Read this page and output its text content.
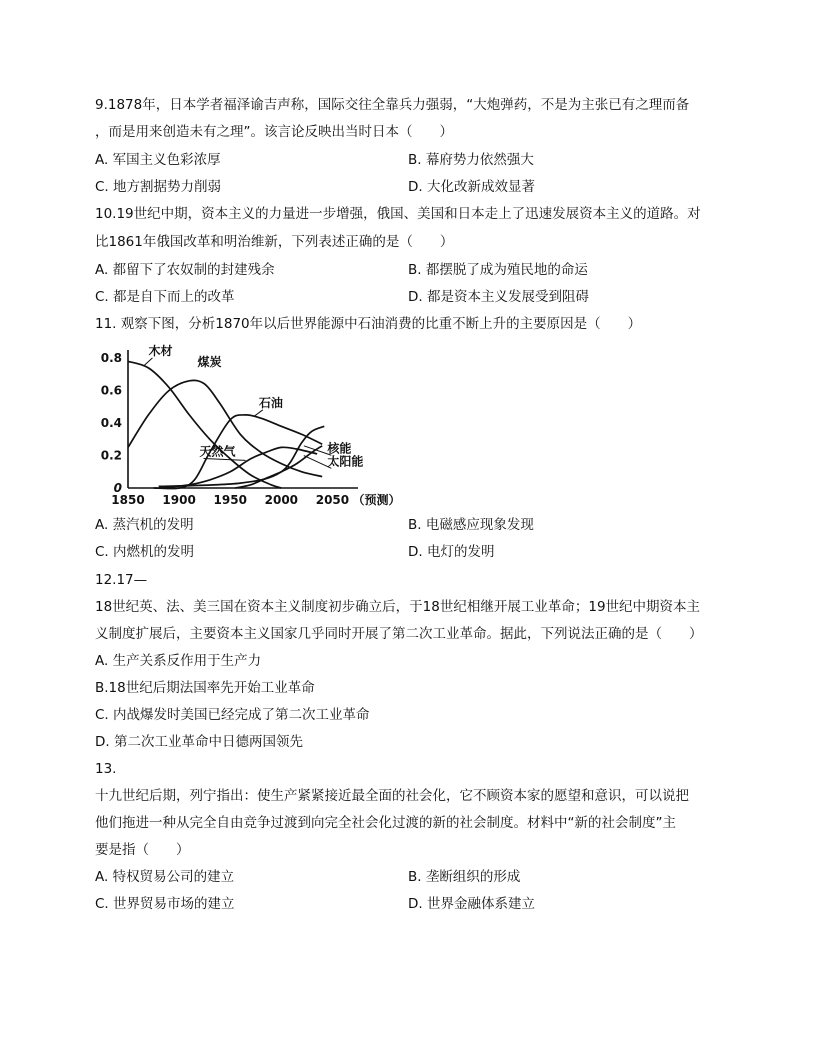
9.1878年，日本学者福泽谕吉声称，国际交往全靠兵力强弱，“大炮弹药，不是为主张已有之理而备
，而是用来创造未有之理”。该言论反映出当时日本（　　）
A. 军国主义色彩浓厚	B. 幕府势力依然强大
C. 地方割据势力削弱	D. 大化改新成效显著
10.19世纪中期，资本主义的力量进一步增强，俄国、美国和日本走上了迅速发展资本主义的道路。对
比1861年俄国改革和明治维新，下列表述正确的是（　　）
A. 都留下了农奴制的封建残余	B. 都摆脱了成为殖民地的命运
C. 都是自下而上的改革	D. 都是资本主义发展受到阻碍
11. 观察下图，分析1870年以后世界能源中石油消费的比重不断上升的主要原因是（　　）
0
0.2
0.4
0.6
0.8
1850 1900 1950 2000 2050 （预测）
木材
煤炭
石油
天然气	核能
太阳能
A. 蒸汽机的发明	B. 电磁感应现象发现
C. 内燃机的发明	D. 电灯的发明
12.17—
18世纪英、法、美三国在资本主义制度初步确立后，于18世纪相继开展工业革命；19世纪中期资本主
义制度扩展后，主要资本主义国家几乎同时开展了第二次工业革命。据此，下列说法正确的是（　　）
A. 生产关系反作用于生产力
B.18世纪后期法国率先开始工业革命
C. 内战爆发时美国已经完成了第二次工业革命
D. 第二次工业革命中日德两国领先
13.
十九世纪后期，列宁指出：使生产紧紧接近最全面的社会化，它不顾资本家的愿望和意识，可以说把
他们拖进一种从完全自由竞争过渡到向完全社会化过渡的新的社会制度。材料中“新的社会制度”主
要是指（　　）
A. 特权贸易公司的建立	B. 垄断组织的形成
C. 世界贸易市场的建立	D. 世界金融体系建立
